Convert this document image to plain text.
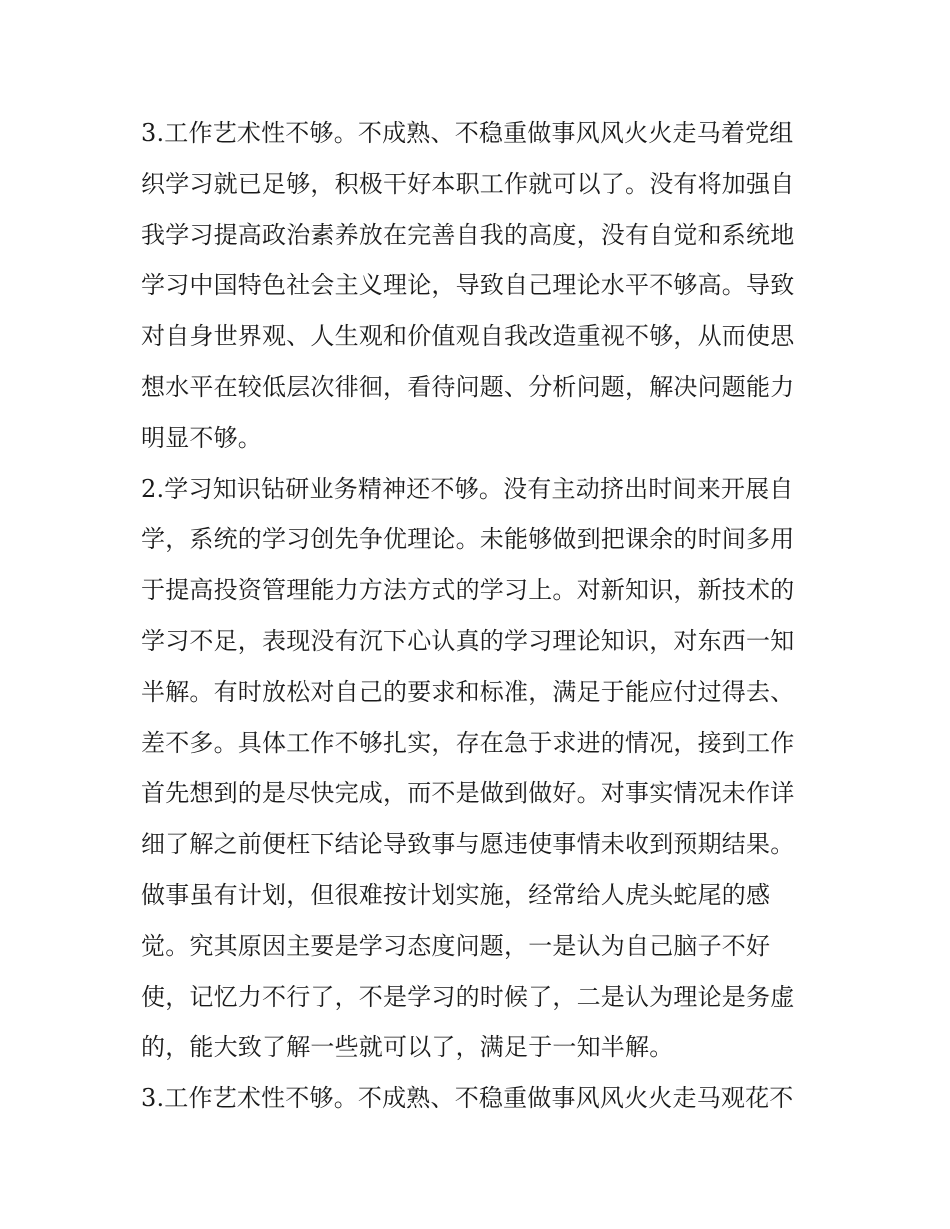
3.工作艺术性不够。不成熟、不稳重做事风风火火走马着党组
织学习就已足够，积极干好本职工作就可以了。没有将加强自
我学习提高政治素养放在完善自我的高度，没有自觉和系统地
学习中国特色社会主义理论，导致自己理论水平不够高。导致
对自身世界观、人生观和价值观自我改造重视不够，从而使思
想水平在较低层次徘徊，看待问题、分析问题，解决问题能力
明显不够。
2.学习知识钻研业务精神还不够。没有主动挤出时间来开展自
学，系统的学习创先争优理论。未能够做到把课余的时间多用
于提高投资管理能力方法方式的学习上。对新知识，新技术的
学习不足，表现没有沉下心认真的学习理论知识，对东西一知
半解。有时放松对自己的要求和标准，满足于能应付过得去、
差不多。具体工作不够扎实，存在急于求进的情况，接到工作
首先想到的是尽快完成，而不是做到做好。对事实情况未作详
细了解之前便枉下结论导致事与愿违使事情未收到预期结果。
做事虽有计划，但很难按计划实施，经常给人虎头蛇尾的感
觉。究其原因主要是学习态度问题，一是认为自己脑子不好
使，记忆力不行了，不是学习的时候了，二是认为理论是务虚
的，能大致了解一些就可以了，满足于一知半解。
3.工作艺术性不够。不成熟、不稳重做事风风火火走马观花不
